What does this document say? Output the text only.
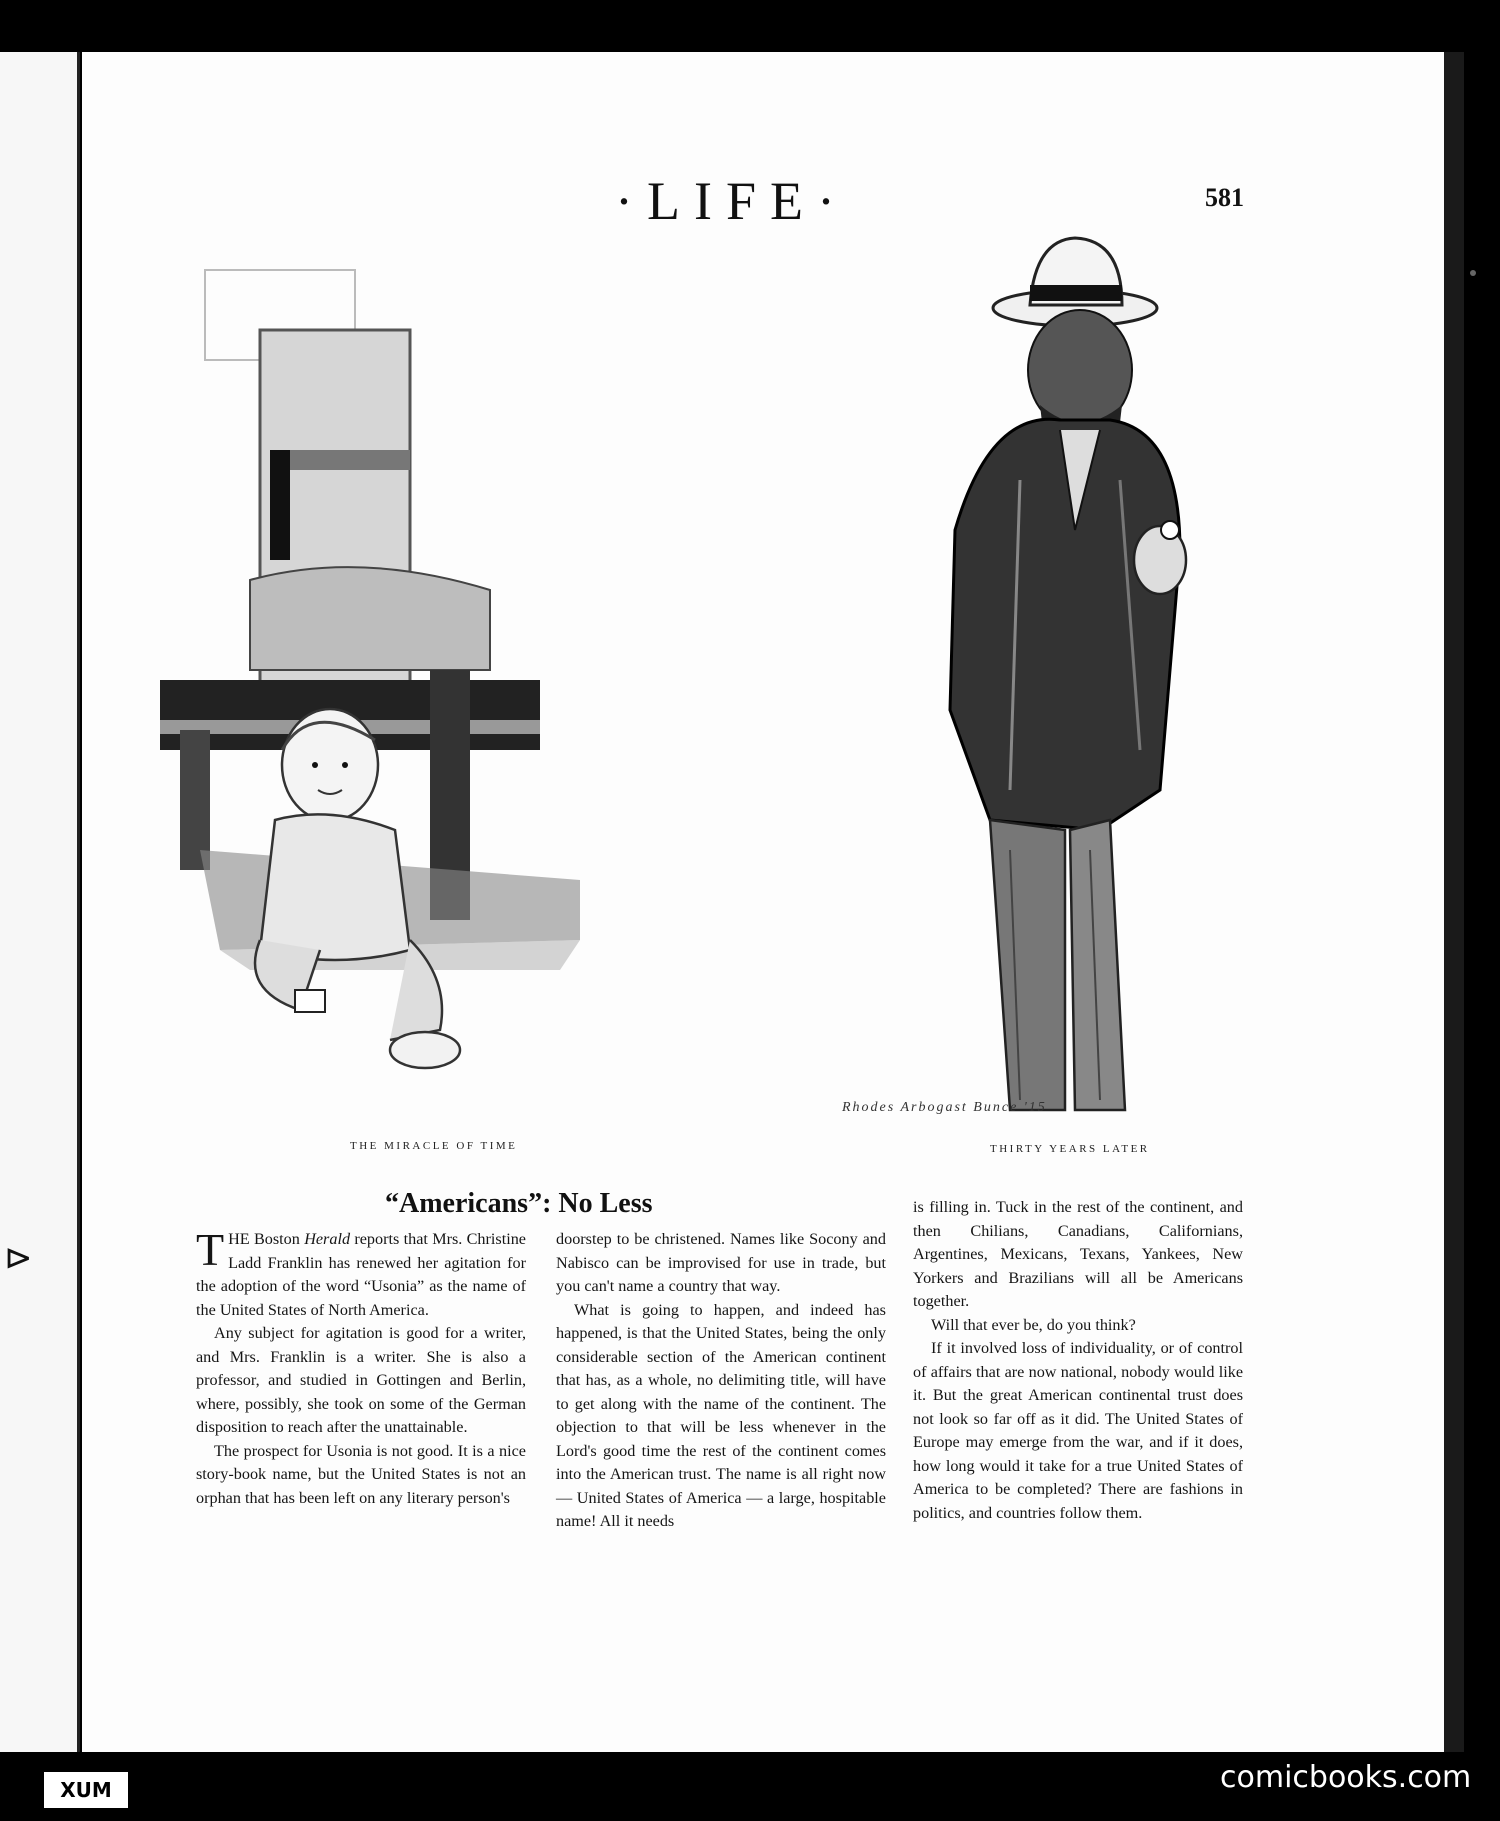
⊳
·LIFE·	581
Rhodes Arbogast Bunce '15
THE MIRACLE OF TIME	THIRTY YEARS LATER
“Americans”: No Less

THE Boston Herald reports that Mrs. Christine Ladd Franklin has renewed her agitation for the adoption of the word “Usonia” as the name of the United States of North America.

Any subject for agitation is good for a writer, and Mrs. Franklin is a writer. She is also a professor, and studied in Gottingen and Berlin, where, possibly, she took on some of the German disposition to reach after the unattainable.

The prospect for Usonia is not good. It is a nice story-book name, but the United States is not an orphan that has been left on any literary person's

doorstep to be christened. Names like Socony and Nabisco can be improvised for use in trade, but you can't name a country that way.

What is going to happen, and indeed has happened, is that the United States, being the only considerable section of the American continent that has, as a whole, no delimiting title, will have to get along with the name of the continent. The objection to that will be less whenever in the Lord's good time the rest of the continent comes into the American trust. The name is all right now — United States of America — a large, hospitable name! All it needs

is filling in. Tuck in the rest of the continent, and then Chilians, Canadians, Californians, Argentines, Mexicans, Texans, Yankees, New Yorkers and Brazilians will all be Americans together.

Will that ever be, do you think?

If it involved loss of individuality, or of control of affairs that are now national, nobody would like it. But the great American continental trust does not look so far off as it did. The United States of Europe may emerge from the war, and if it does, how long would it take for a true United States of America to be completed? There are fashions in politics, and countries follow them.

XUM	comicbooks.com
